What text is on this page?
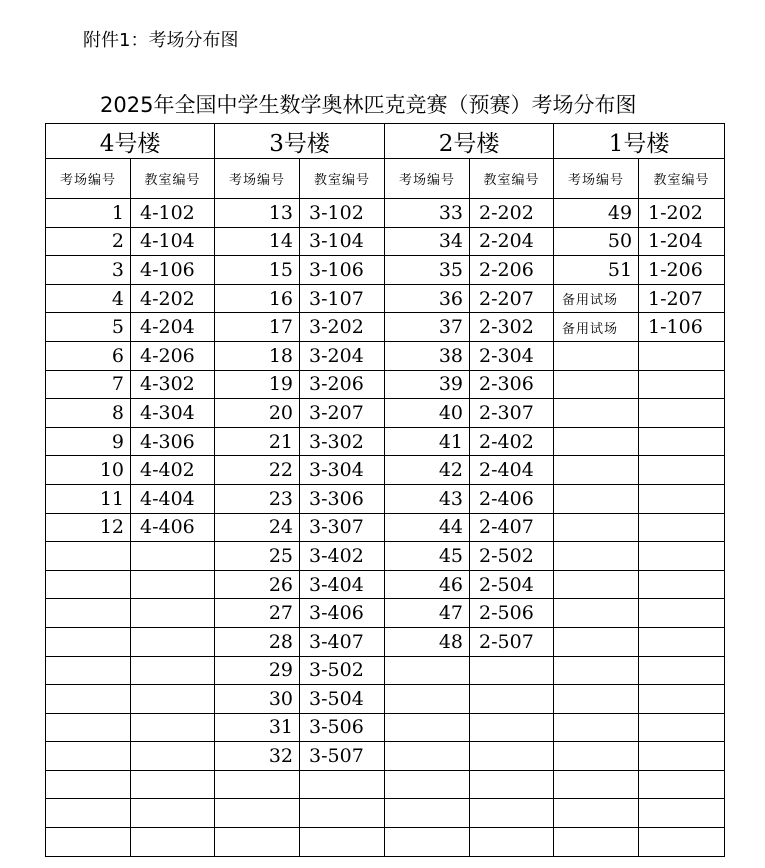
附件1：考场分布图
2025年全国中学生数学奥林匹克竞赛（预赛）考场分布图
4号楼		3号楼		2号楼		1号楼	
考场编号	教室编号	考场编号	教室编号	考场编号	教室编号	考场编号	教室编号
1	4-102	13	3-102	33	2-202	49	1-202
2	4-104	14	3-104	34	2-204	50	1-204
3	4-106	15	3-106	35	2-206	51	1-206
4	4-202	16	3-107	36	2-207	备用试场	1-207
5	4-204	17	3-202	37	2-302	备用试场	1-106
6	4-206	18	3-204	38	2-304		
7	4-302	19	3-206	39	2-306		
8	4-304	20	3-207	40	2-307		
9	4-306	21	3-302	41	2-402		
10	4-402	22	3-304	42	2-404		
11	4-404	23	3-306	43	2-406		
12	4-406	24	3-307	44	2-407		
		25	3-402	45	2-502		
		26	3-404	46	2-504		
		27	3-406	47	2-506		
		28	3-407	48	2-507		
		29	3-502				
		30	3-504				
		31	3-506				
		32	3-507				
